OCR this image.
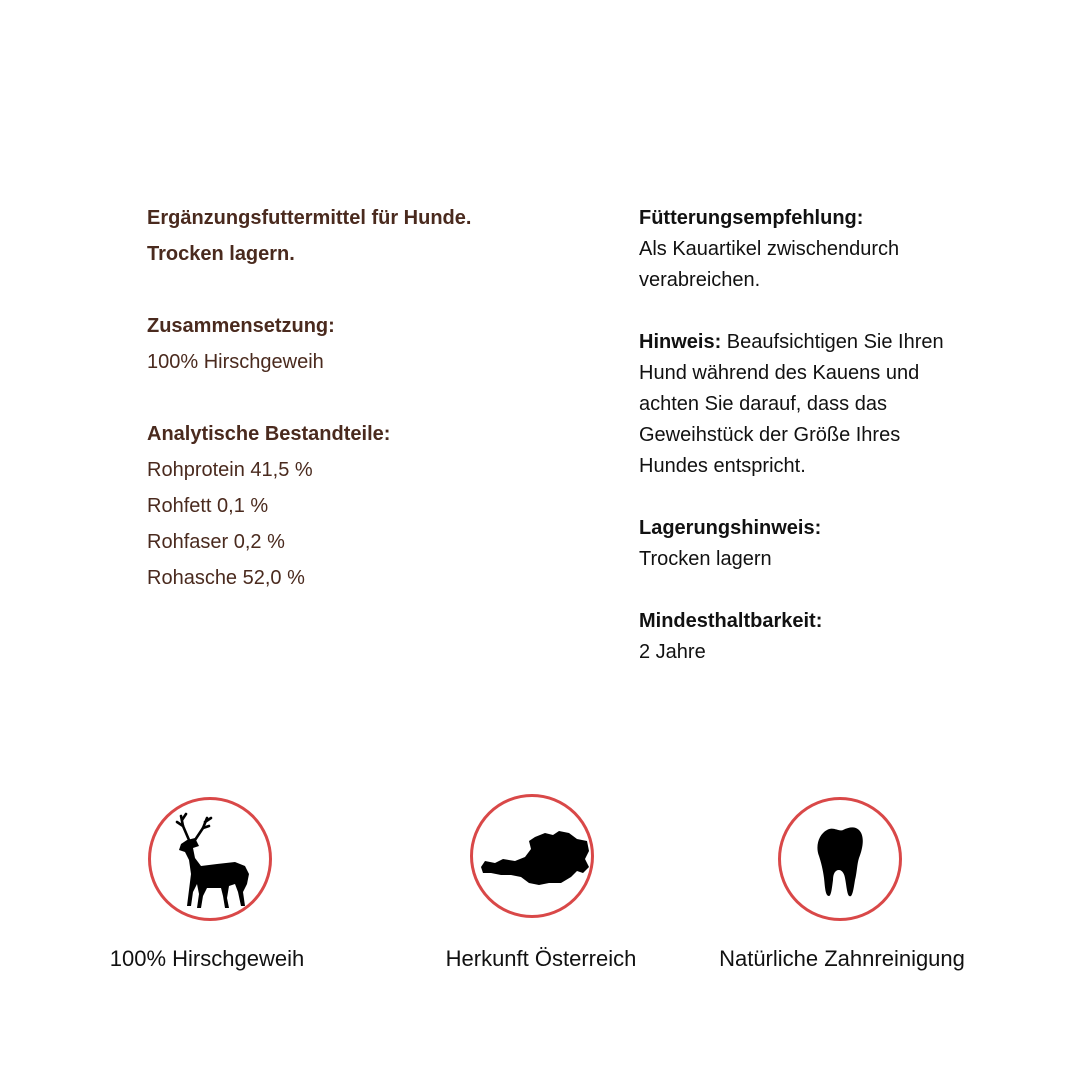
Ergänzungsfuttermittel für Hunde.

Trocken lagern.

Zusammensetzung:

100% Hirschgeweih

Analytische Bestandteile:

Rohprotein 41,5 %

Rohfett 0,1 %

Rohfaser 0,2 %

Rohasche 52,0 %

Fütterungsempfehlung:

Als Kauartikel zwischendurch

verabreichen.

Hinweis: Beaufsichtigen Sie Ihren

Hund während des Kauens und

achten Sie darauf, dass das

Geweihstück der Größe Ihres

Hundes entspricht.

Lagerungshinweis:

Trocken lagern

Mindesthaltbarkeit:

2 Jahre

100% Hirschgeweih	Herkunft Österreich	Natürliche Zahnreinigung
